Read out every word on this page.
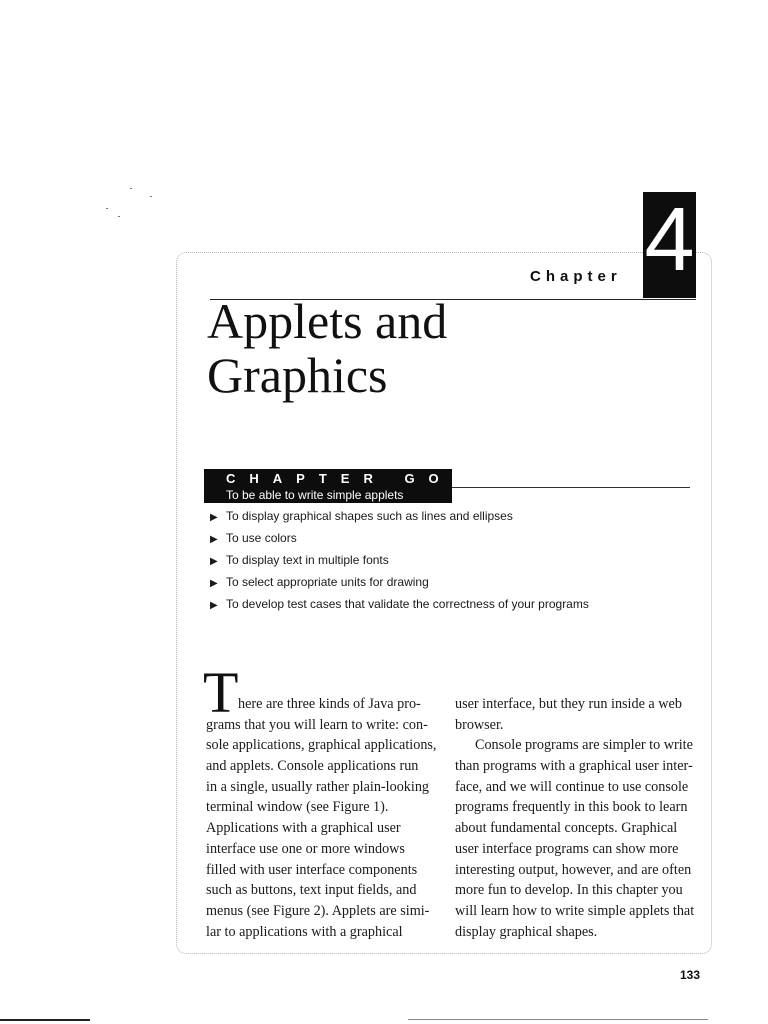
Chapter 4
Applets and
Graphics
CHAPTER GOALS
To be able to write simple applets
▶ To display graphical shapes such as lines and ellipses
▶ To use colors
▶ To display text in multiple fonts
▶ To select appropriate units for drawing
▶ To develop test cases that validate the correctness of your programs
T here are three kinds of Java pro-
grams that you will learn to write: con-
sole applications, graphical applications,
and applets. Console applications run
in a single, usually rather plain-looking
terminal window (see Figure 1).
Applications with a graphical user
interface use one or more windows
filled with user interface components
such as buttons, text input fields, and
menus (see Figure 2). Applets are simi-
lar to applications with a graphical
user interface, but they run inside a web
browser.
Console programs are simpler to write
than programs with a graphical user inter-
face, and we will continue to use console
programs frequently in this book to learn
about fundamental concepts. Graphical
user interface programs can show more
interesting output, however, and are often
more fun to develop. In this chapter you
will learn how to write simple applets that
display graphical shapes.
133
